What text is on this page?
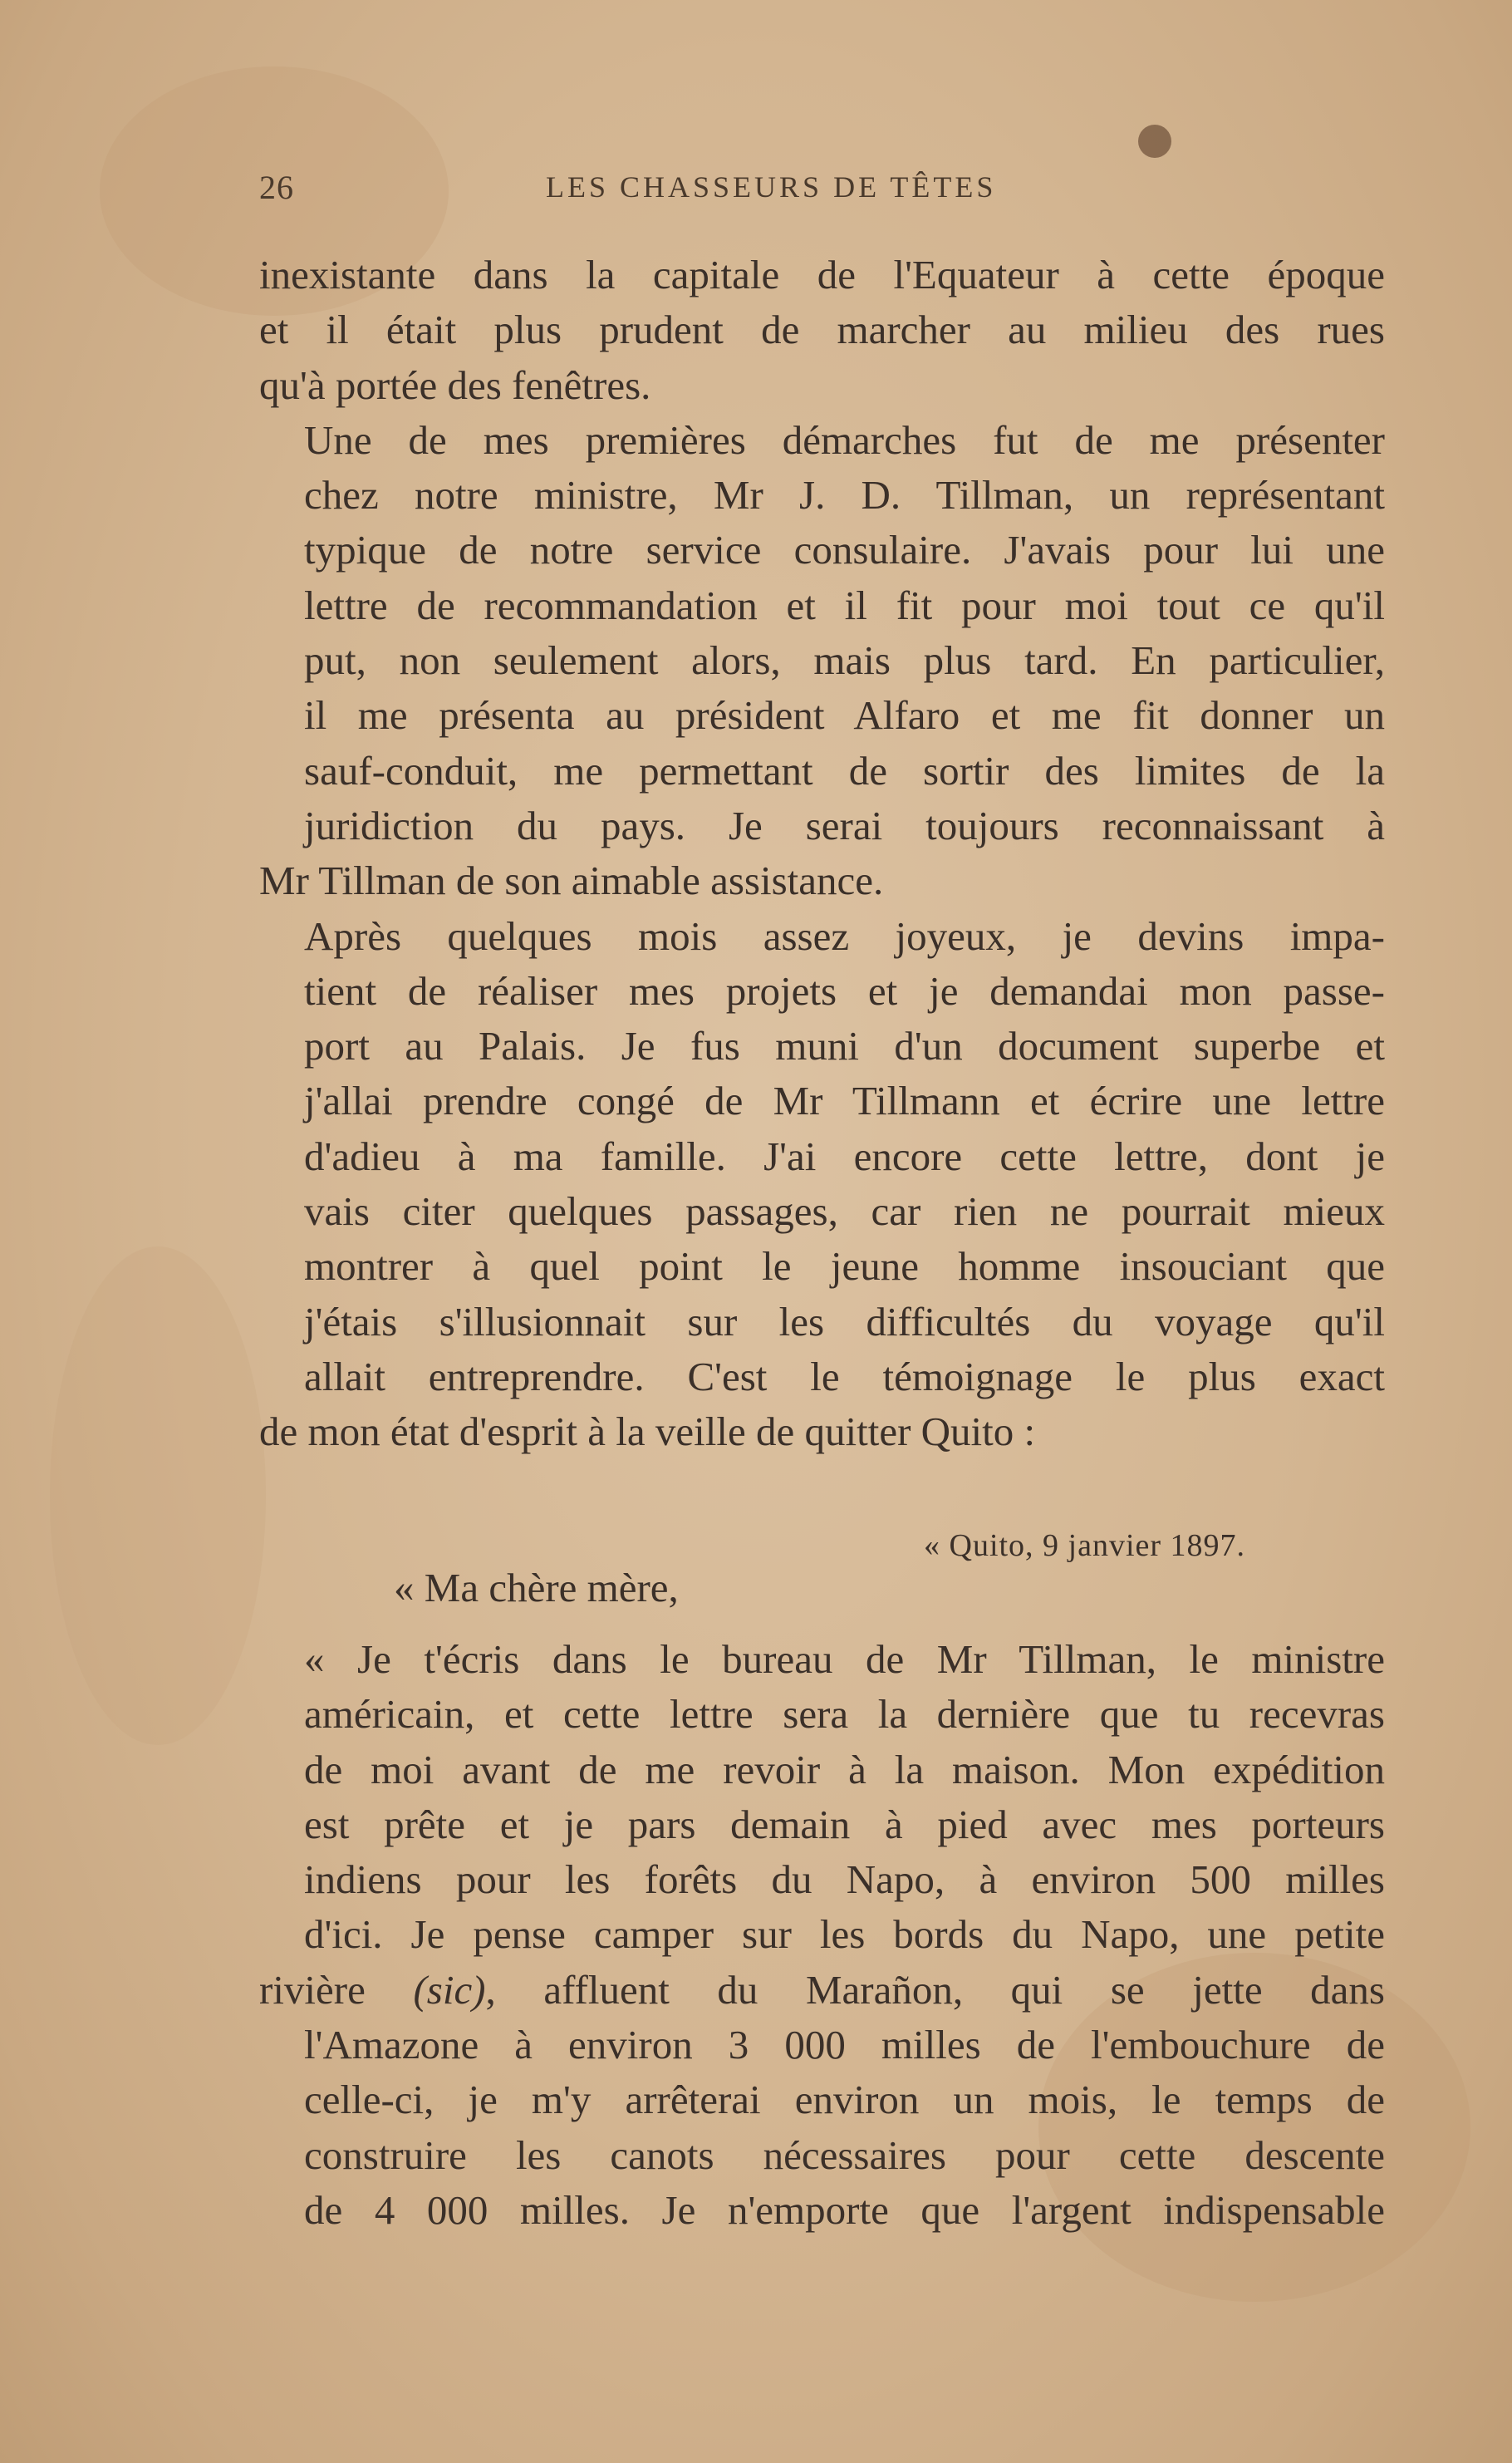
26	LES CHASSEURS DE TÊTES

inexistante dans la capitale de l'Equateur à cette époque
et il était plus prudent de marcher au milieu des rues

qu'à portée des fenêtres.

Une de mes premières démarches fut de me présenter
chez notre ministre, Mr J. D. Tillman, un représentant
typique de notre service consulaire. J'avais pour lui une
lettre de recommandation et il fit pour moi tout ce qu'il
put, non seulement alors, mais plus tard. En particulier,
il me présenta au président Alfaro et me fit donner un
sauf-conduit, me permettant de sortir des limites de la
juridiction du pays. Je serai toujours reconnaissant à

Mr Tillman de son aimable assistance.

Après quelques mois assez joyeux, je devins impa-
tient de réaliser mes projets et je demandai mon passe-
port au Palais. Je fus muni d'un document superbe et
j'allai prendre congé de Mr Tillmann et écrire une lettre
d'adieu à ma famille. J'ai encore cette lettre, dont je
vais citer quelques passages, car rien ne pourrait mieux
montrer à quel point le jeune homme insouciant que
j'étais s'illusionnait sur les difficultés du voyage qu'il
allait entreprendre. C'est le témoignage le plus exact

de mon état d'esprit à la veille de quitter Quito :

« Quito, 9 janvier 1897.
« Ma chère mère,

« Je t'écris dans le bureau de Mr Tillman, le ministre
américain, et cette lettre sera la dernière que tu recevras
de moi avant de me revoir à la maison. Mon expédition
est prête et je pars demain à pied avec mes porteurs
indiens pour les forêts du Napo, à environ 500 milles
d'ici. Je pense camper sur les bords du Napo, une petite
rivière (sic), affluent du Marañon, qui se jette dans
l'Amazone à environ 3 000 milles de l'embouchure de
celle-ci, je m'y arrêterai environ un mois, le temps de
construire les canots nécessaires pour cette descente
de 4 000 milles. Je n'emporte que l'argent indispensable
